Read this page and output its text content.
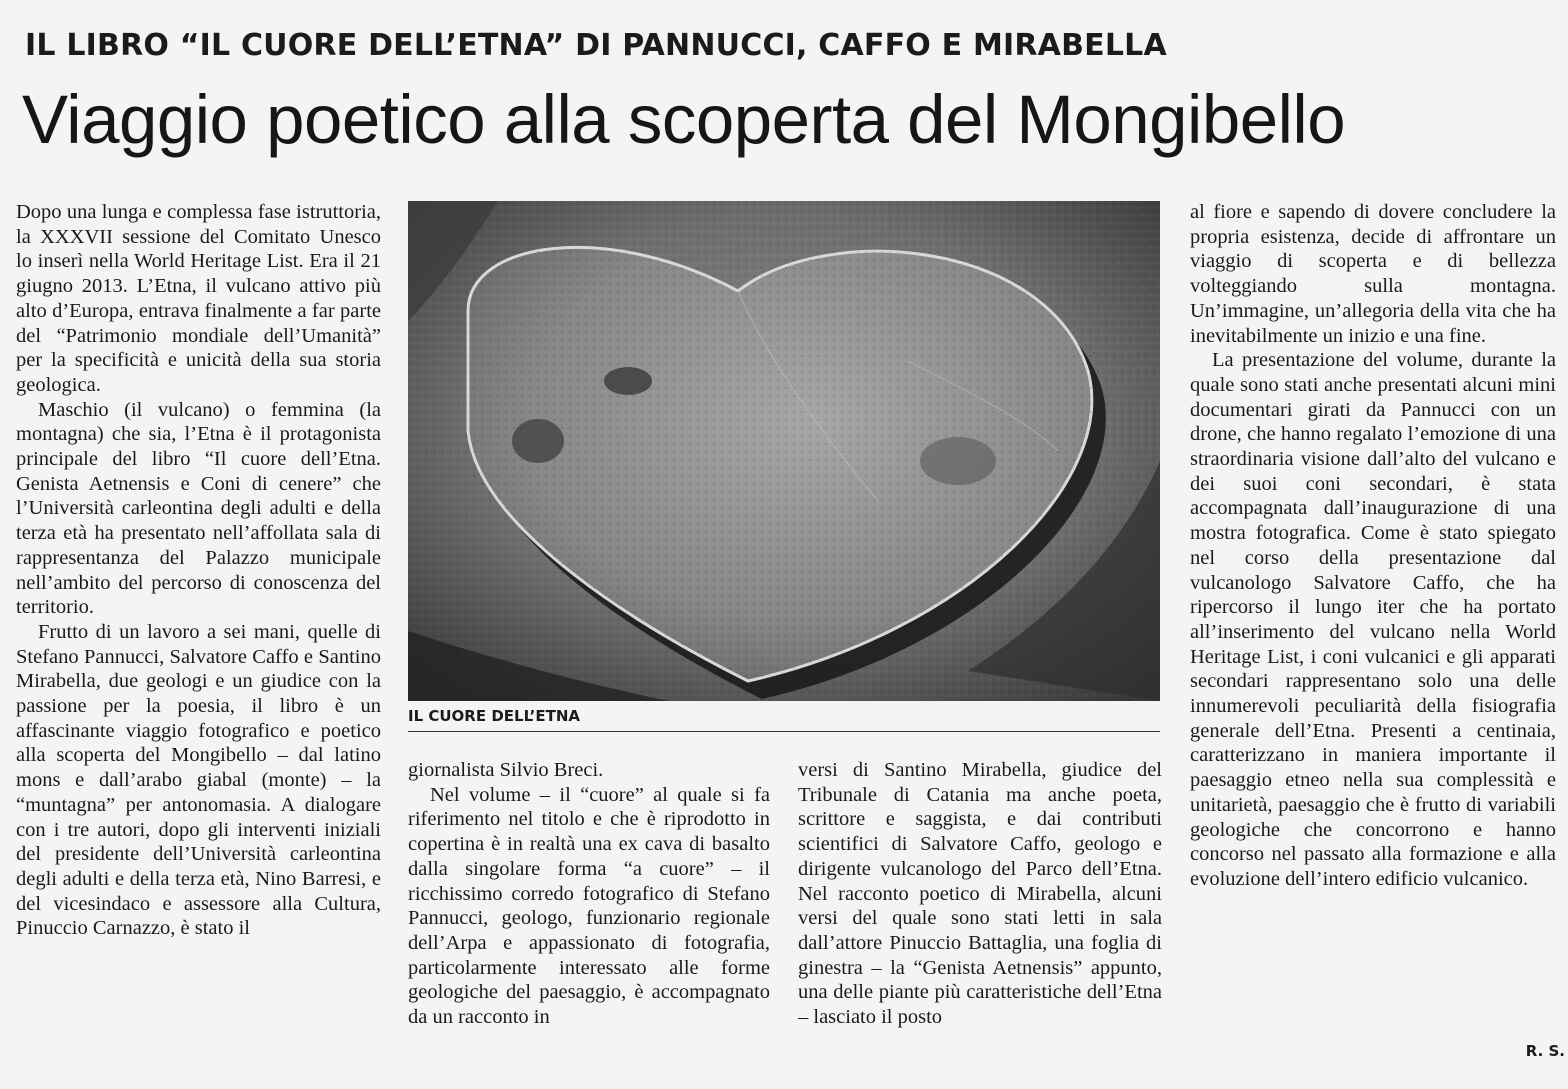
IL LIBRO “IL CUORE DELL’ETNA” DI PANNUCCI, CAFFO E MIRABELLA
Viaggio poetico alla scoperta del Mongibello

Dopo una lunga e complessa fase istruttoria, la XXXVII sessione del Comitato Unesco lo inserì nella World Heritage List. Era il 21 giugno 2013. L’Etna, il vulcano attivo più alto d’Europa, entrava finalmente a far parte del “Patrimonio mondiale dell’Umanità” per la specificità e unicità della sua storia geologica.

Maschio (il vulcano) o femmina (la montagna) che sia, l’Etna è il protagonista principale del libro “Il cuore dell’Etna. Genista Aetnensis e Coni di cenere” che l’Università carleontina degli adulti e della terza età ha presentato nell’affollata sala di rappresentanza del Palazzo municipale nell’ambito del percorso di conoscenza del territorio.

Frutto di un lavoro a sei mani, quelle di Stefano Pannucci, Salvatore Caffo e Santino Mirabella, due geologi e un giudice con la passione per la poesia, il libro è un affascinante viaggio fotografico e poetico alla scoperta del Mongibello – dal latino mons e dall’arabo giabal (monte) – la “muntagna” per antonomasia. A dialogare con i tre autori, dopo gli interventi iniziali del presidente dell’Università carleontina degli adulti e della terza età, Nino Barresi, e del vicesindaco e assessore alla Cultura, Pinuccio Carnazzo, è stato il

IL CUORE DELL’ETNA

giornalista Silvio Breci.

Nel volume – il “cuore” al quale si fa riferimento nel titolo e che è riprodotto in copertina è in realtà una ex cava di basalto dalla singolare forma “a cuore” – il ricchissimo corredo fotografico di Stefano Pannucci, geologo, funzionario regionale dell’Arpa e appassionato di fotografia, particolarmente interessato alle forme geologiche del paesaggio, è accompagnato da un racconto in

versi di Santino Mirabella, giudice del Tribunale di Catania ma anche poeta, scrittore e saggista, e dai contributi scientifici di Salvatore Caffo, geologo e dirigente vulcanologo del Parco dell’Etna. Nel racconto poetico di Mirabella, alcuni versi del quale sono stati letti in sala dall’attore Pinuccio Battaglia, una foglia di ginestra – la “Genista Aetnensis” appunto, una delle piante più caratteristiche dell’Etna – lasciato il posto

al fiore e sapendo di dovere concludere la propria esistenza, decide di affrontare un viaggio di scoperta e di bellezza volteggiando sulla montagna. Un’immagine, un’allegoria della vita che ha inevitabilmente un inizio e una fine.

La presentazione del volume, durante la quale sono stati anche presentati alcuni mini documentari girati da Pannucci con un drone, che hanno regalato l’emozione di una straordinaria visione dall’alto del vulcano e dei suoi coni secondari, è stata accompagnata dall’inaugurazione di una mostra fotografica. Come è stato spiegato nel corso della presentazione dal vulcanologo Salvatore Caffo, che ha ripercorso il lungo iter che ha portato all’inserimento del vulcano nella World Heritage List, i coni vulcanici e gli apparati secondari rappresentano solo una delle innumerevoli peculiarità della fisiografia generale dell’Etna. Presenti a centinaia, caratterizzano in maniera importante il paesaggio etneo nella sua complessità e unitarietà, paesaggio che è frutto di variabili geologiche che concorrono e hanno concorso nel passato alla formazione e alla evoluzione dell’intero edificio vulcanico.

R. S.
